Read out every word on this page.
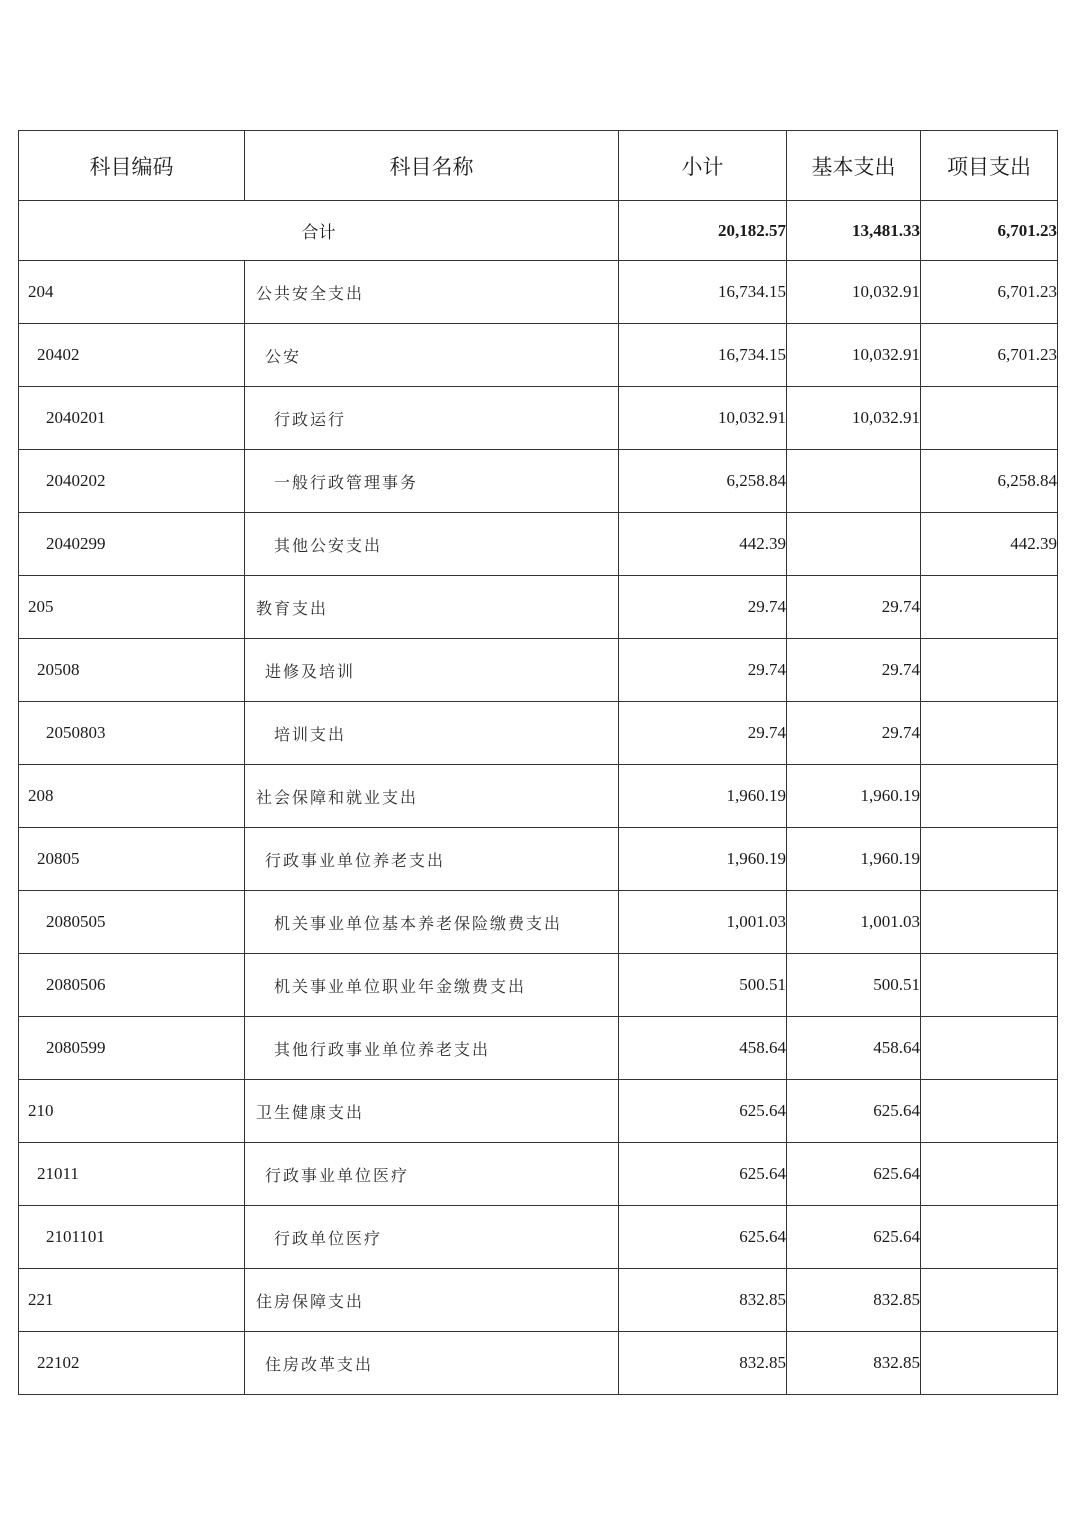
科目编码	科目名称	小计	基本支出	项目支出
合计		20,182.57	13,481.33	6,701.23
204	公共安全支出	16,734.15	10,032.91	6,701.23
20402	公安	16,734.15	10,032.91	6,701.23
2040201	行政运行	10,032.91	10,032.91	
2040202	一般行政管理事务	6,258.84		6,258.84
2040299	其他公安支出	442.39		442.39
205	教育支出	29.74	29.74	
20508	进修及培训	29.74	29.74	
2050803	培训支出	29.74	29.74	
208	社会保障和就业支出	1,960.19	1,960.19	
20805	行政事业单位养老支出	1,960.19	1,960.19	
2080505	机关事业单位基本养老保险缴费支出	1,001.03	1,001.03	
2080506	机关事业单位职业年金缴费支出	500.51	500.51	
2080599	其他行政事业单位养老支出	458.64	458.64	
210	卫生健康支出	625.64	625.64	
21011	行政事业单位医疗	625.64	625.64	
2101101	行政单位医疗	625.64	625.64	
221	住房保障支出	832.85	832.85	
22102	住房改革支出	832.85	832.85	
